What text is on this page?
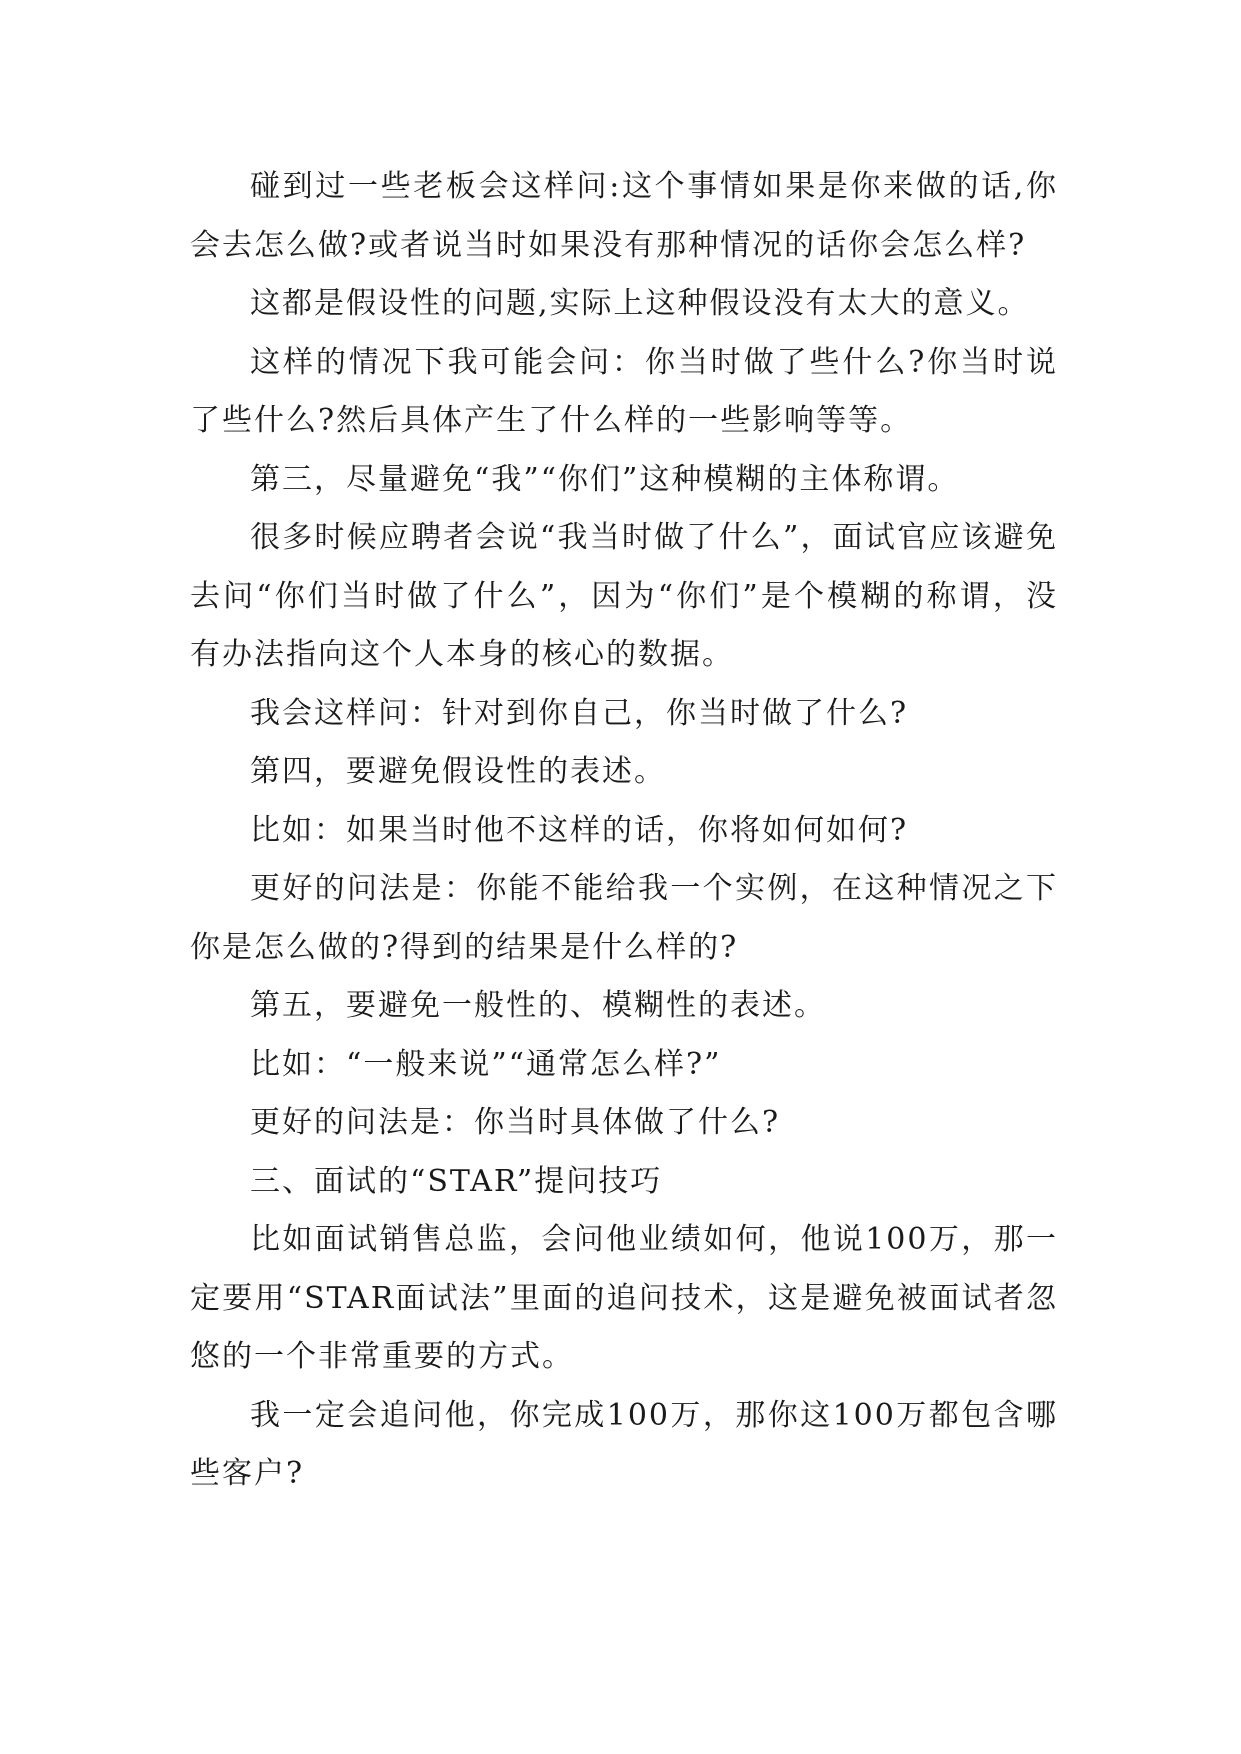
碰到过一些老板会这样问:这个事情如果是你来做的话,你会去怎么做?或者说当时如果没有那种情况的话你会怎么样?

这都是假设性的问题,实际上这种假设没有太大的意义。

这样的情况下我可能会问：你当时做了些什么?你当时说了些什么?然后具体产生了什么样的一些影响等等。

第三，尽量避免“我”“你们”这种模糊的主体称谓。

很多时候应聘者会说“我当时做了什么”，面试官应该避免去问“你们当时做了什么”，因为“你们”是个模糊的称谓，没有办法指向这个人本身的核心的数据。

我会这样问：针对到你自己，你当时做了什么?

第四，要避免假设性的表述。

比如：如果当时他不这样的话，你将如何如何?

更好的问法是：你能不能给我一个实例，在这种情况之下你是怎么做的?得到的结果是什么样的?

第五，要避免一般性的、模糊性的表述。

比如：“一般来说”“通常怎么样?”

更好的问法是：你当时具体做了什么?

三、面试的“STAR”提问技巧

比如面试销售总监，会问他业绩如何，他说100万，那一定要用“STAR面试法”里面的追问技术，这是避免被面试者忽悠的一个非常重要的方式。

我一定会追问他，你完成100万，那你这100万都包含哪些客户?
